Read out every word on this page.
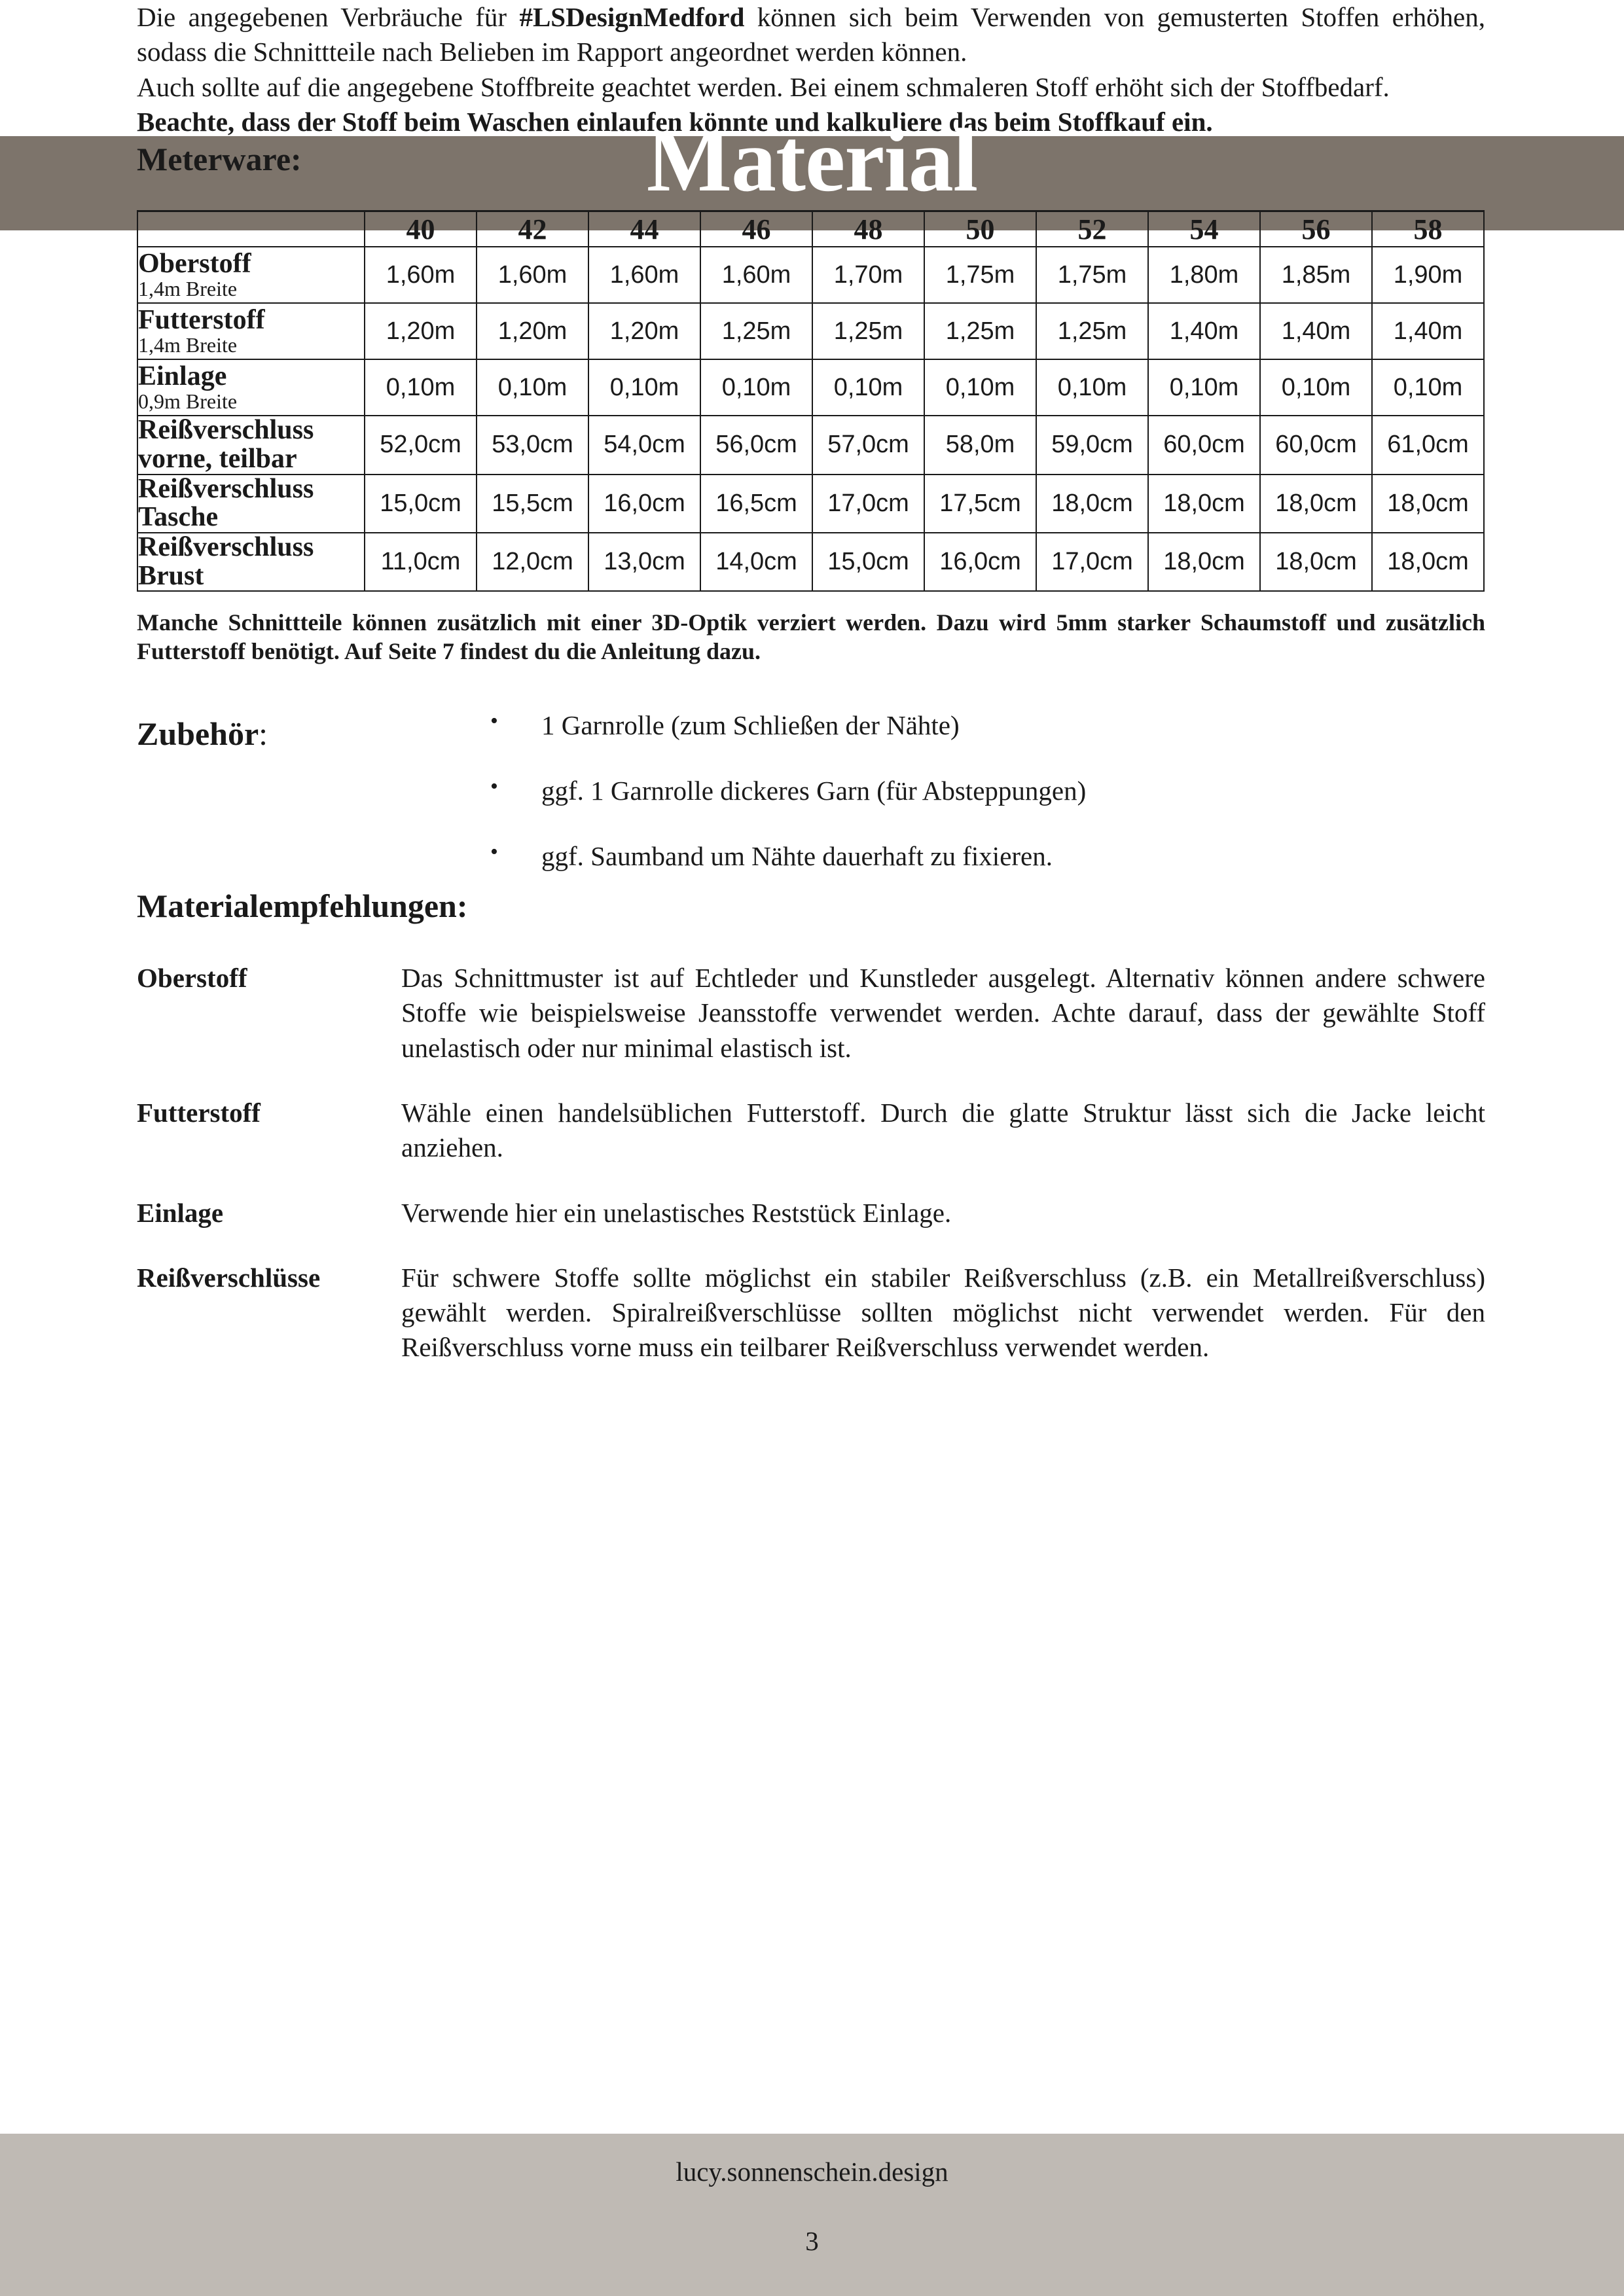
Material

Die angegebenen Verbräuche für #LSDesignMedford können sich beim Verwenden von gemusterten Stoffen erhöhen, sodass die Schnittteile nach Belieben im Rapport angeordnet werden können.

Auch sollte auf die angegebene Stoffbreite geachtet werden. Bei einem schmaleren Stoff erhöht sich der Stoffbedarf.

Beachte, dass der Stoff beim Waschen einlaufen könnte und kalkuliere das beim Stoffkauf ein.

Meterware:
	40	42	44	46	48	50	52	54	56	58

Oberstoff
1,4m Breite	1,60m	1,60m	1,60m	1,60m	1,70m	1,75m	1,75m	1,80m	1,85m	1,90m

Futterstoff
1,4m Breite	1,20m	1,20m	1,20m	1,25m	1,25m	1,25m	1,25m	1,40m	1,40m	1,40m

Einlage
0,9m Breite	0,10m	0,10m	0,10m	0,10m	0,10m	0,10m	0,10m	0,10m	0,10m	0,10m

Reißverschluss
vorne, teilbar	52,0cm	53,0cm	54,0cm	56,0cm	57,0cm	58,0m	59,0cm	60,0cm	60,0cm	61,0cm

Reißverschluss
Tasche	15,0cm	15,5cm	16,0cm	16,5cm	17,0cm	17,5cm	18,0cm	18,0cm	18,0cm	18,0cm

Reißverschluss
Brust	11,0cm	12,0cm	13,0cm	14,0cm	15,0cm	16,0cm	17,0cm	18,0cm	18,0cm	18,0cm

Manche Schnittteile können zusätzlich mit einer 3D-Optik verziert werden. Dazu wird 5mm starker Schaumstoff und zusätzlich Futterstoff benötigt. Auf Seite 7 findest du die Anleitung dazu.

Zubehör:	• 1 Garnrolle (zum Schließen der Nähte)
• ggf. 1 Garnrolle dickeres Garn (für Absteppungen)
• ggf. Saumband um Nähte dauerhaft zu fixieren.
Materialempfehlungen:
Oberstoff	Das Schnittmuster ist auf Echtleder und Kunstleder ausgelegt. Alternativ können andere schwere Stoffe wie beispielsweise Jeansstoffe verwendet werden. Achte darauf, dass der gewählte Stoff unelastisch oder nur minimal elastisch ist.
Futterstoff	Wähle einen handelsüblichen Futterstoff. Durch die glatte Struktur lässt sich die Jacke leicht anziehen.
Einlage	Verwende hier ein unelastisches Reststück Einlage.
Reißverschlüsse	Für schwere Stoffe sollte möglichst ein stabiler Reißverschluss (z.B. ein Metallreißverschluss) gewählt werden. Spiralreißverschlüsse sollten möglichst nicht verwendet werden. Für den Reißverschluss vorne muss ein teilbarer Reißverschluss verwendet werden.
lucy.sonnenschein.design
3
